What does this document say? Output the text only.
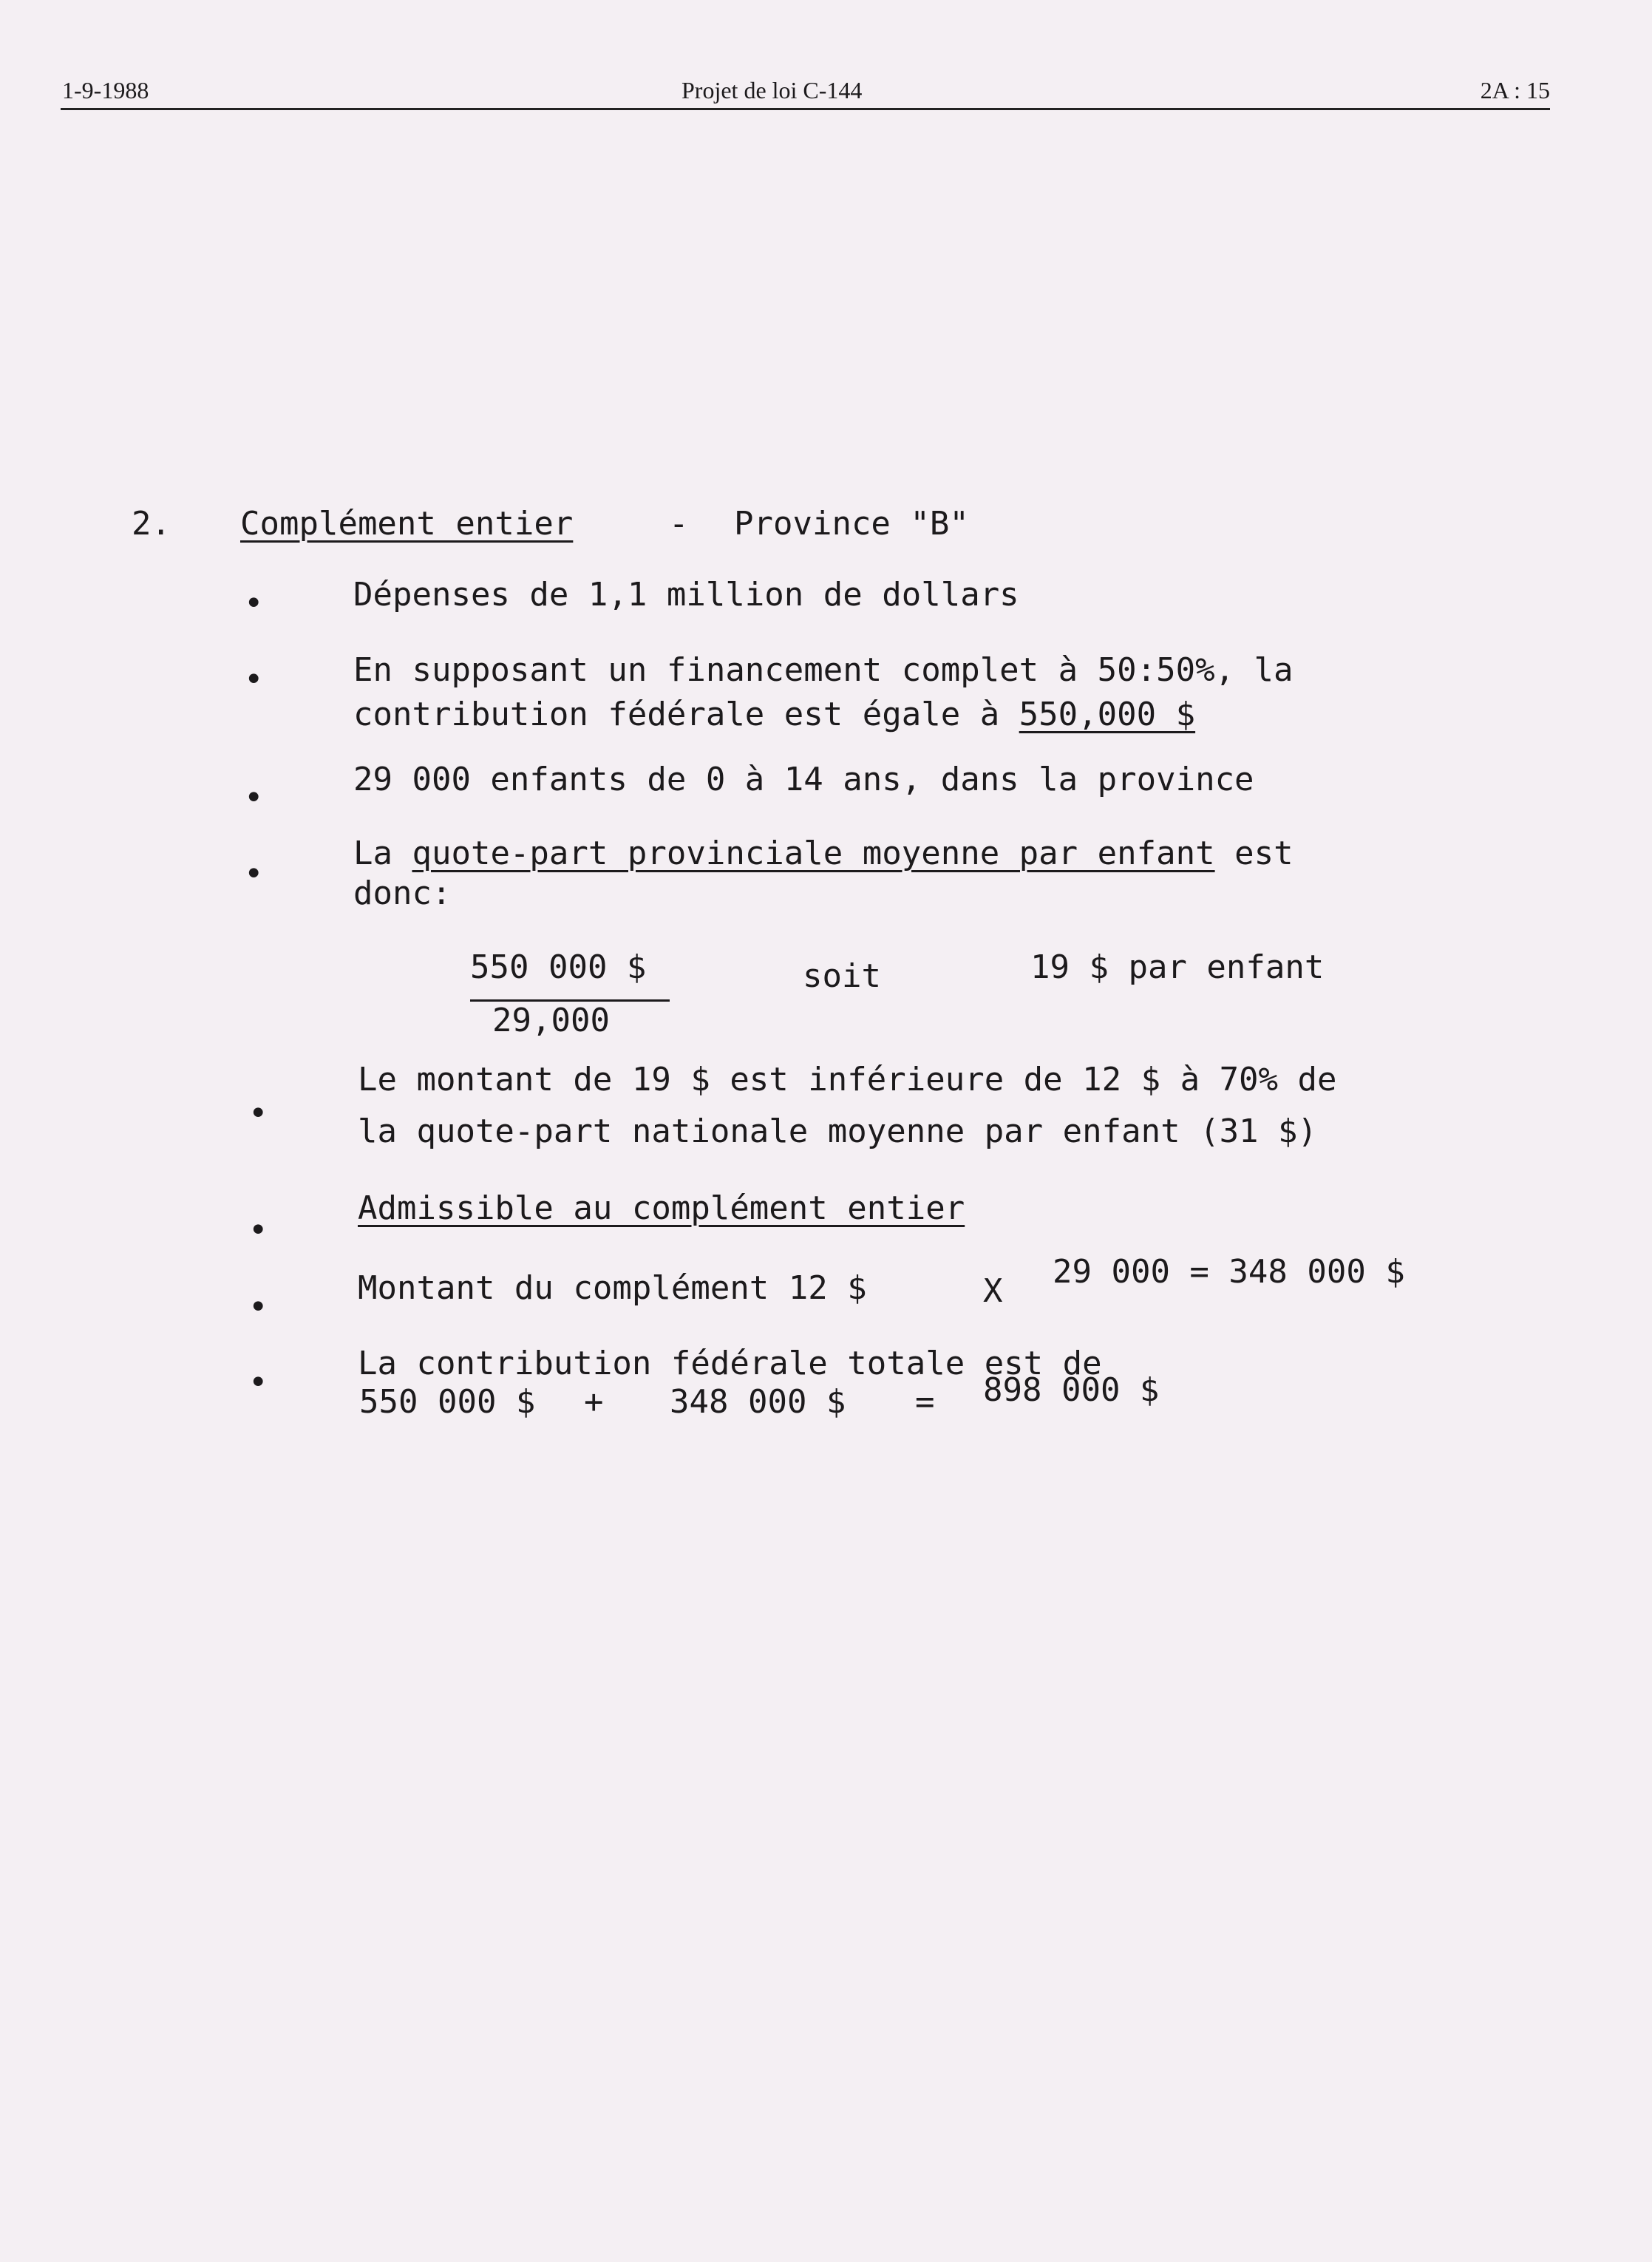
1-9-1988	Projet de loi C-144	2A : 15
2. Complément entier	- Province "B"
•	Dépenses de 1,1 million de dollars
•	En supposant un financement complet à 50:50%, la
contribution fédérale est égale à 550,000 $
•	29 000 enfants de 0 à 14 ans, dans la province
•
La quote-part provinciale moyenne par enfant est
donc:
550 000 $
29,000
soit	19 $ par enfant
•
Le montant de 19 $ est inférieure de 12 $ à 70% de
la quote-part nationale moyenne par enfant (31 $)
•
Admissible au complément entier
•
Montant du complément 12 $	X
29 000 = 348 000 $
•
La contribution fédérale totale est de
550 000 $ + 348 000 $ = 898 000 $
